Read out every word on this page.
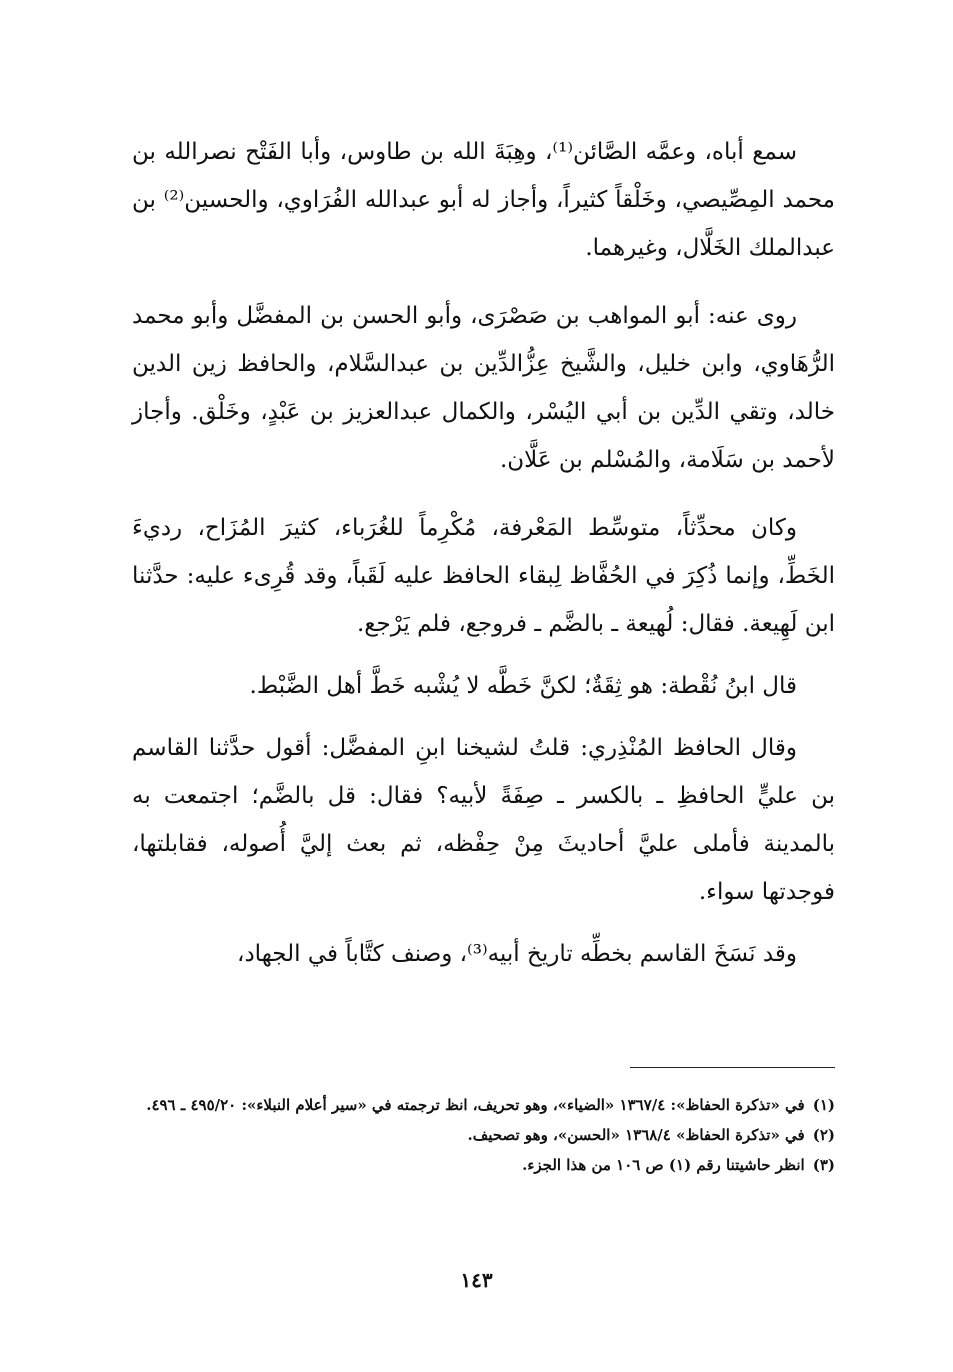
سمع أباه، وعمَّه الصَّائن⁽¹⁾، وهِبَةَ الله بن طاوس، وأبا الفَتْح نصرالله بن محمد المِصِّيصي، وخَلْقاً كثيراً، وأجاز له أبو عبدالله الفُرَاوي، والحسين⁽²⁾ بن عبدالملك الخَلَّال، وغيرهما.

روى عنه: أبو المواهب بن صَصْرَى، وأبو الحسن بن المفضَّل وأبو محمد الرُّهَاوي، وابن خليل، والشَّيخ عِزُّالدِّين بن عبدالسَّلام، والحافظ زين الدين خالد، وتقي الدِّين بن أبي اليُسْر، والكمال عبدالعزيز بن عَبْدٍ، وخَلْق. وأجاز لأحمد بن سَلَامة، والمُسْلم بن عَلَّان.

وكان محدِّثاً، متوسِّط المَعْرفة، مُكْرِماً للغُرَباء، كثيرَ المُزَاح، رديءَ الخَطِّ، وإنما ذُكِرَ في الحُفَّاظ لِبقاء الحافظ عليه لَقَباً، وقد قُرِىء عليه: حدَّثنا ابن لَهِيعة. فقال: لُهيعة ـ بالضَّم ـ فروجع، فلم يَرْجع.

قال ابنُ نُقْطة: هو ثِقَةٌ؛ لكنَّ خَطَّه لا يُشْبه خَطَّ أهل الضَّبْط.

وقال الحافظ المُنْذِري: قلتُ لشيخنا ابنِ المفضَّل: أقول حدَّثنا القاسم بن عليٍّ الحافظِ ـ بالكسر ـ صِفَةً لأبيه؟ فقال: قل بالضَّم؛ اجتمعت به بالمدينة فأملى عليَّ أحاديثَ مِنْ حِفْظه، ثم بعث إليَّ أُصوله، فقابلتها، فوجدتها سواء.

وقد نَسَخَ القاسم بخطِّه تاريخ أبيه⁽³⁾، وصنف كتَّاباً في الجهاد،

(١)في «تذكرة الحفاظ»: ١٣٦٧/٤ «الضياء»، وهو تحريف، انظ ترجمته في «سير أعلام النبلاء»: ٤٩٥/٢٠ ـ ٤٩٦.

(٢)في «تذكرة الحفاظ» ١٣٦٨/٤ «الحسن»، وهو تصحيف.

(٣)انظر حاشيتنا رقم (١) ص ١٠٦ من هذا الجزء.

١٤٣
